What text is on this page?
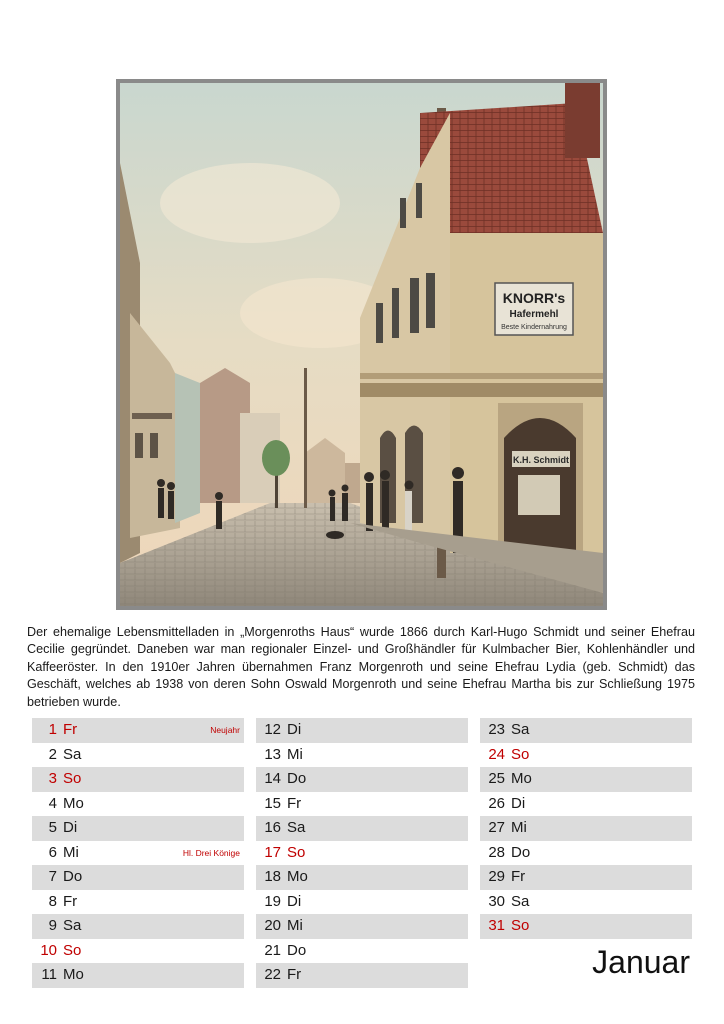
KNORR's
Hafermehl
Beste Kindernahrung
K.H. Schmidt

Der ehemalige Lebensmittelladen in „Morgenroths Haus“ wurde 1866 durch Karl-Hugo Schmidt und seiner Ehefrau Cecilie gegründet. Daneben war man regionaler Einzel- und Großhändler für Kulmbacher Bier, Kohlenhändler und Kaffeeröster. In den 1910er Jahren übernahmen Franz Morgenroth und seine Ehefrau Lydia (geb. Schmidt) das Geschäft, welches ab 1938 von deren Sohn Oswald Morgenroth und seine Ehefrau Martha bis zur Schließung 1975 betrieben wurde.

1 Fr	Neujahr
2 Sa
3 So
4 Mo
5 Di
6 Mi	Hl. Drei Könige
7 Do
8 Fr
9 Sa
10 So
11 Mo
12 Di
13 Mi
14 Do
15 Fr
16 Sa
17 So
18 Mo
19 Di
20 Mi
21 Do
22 Fr
23 Sa
24 So
25 Mo
26 Di
27 Mi
28 Do
29 Fr
30 Sa
31 So
Januar
